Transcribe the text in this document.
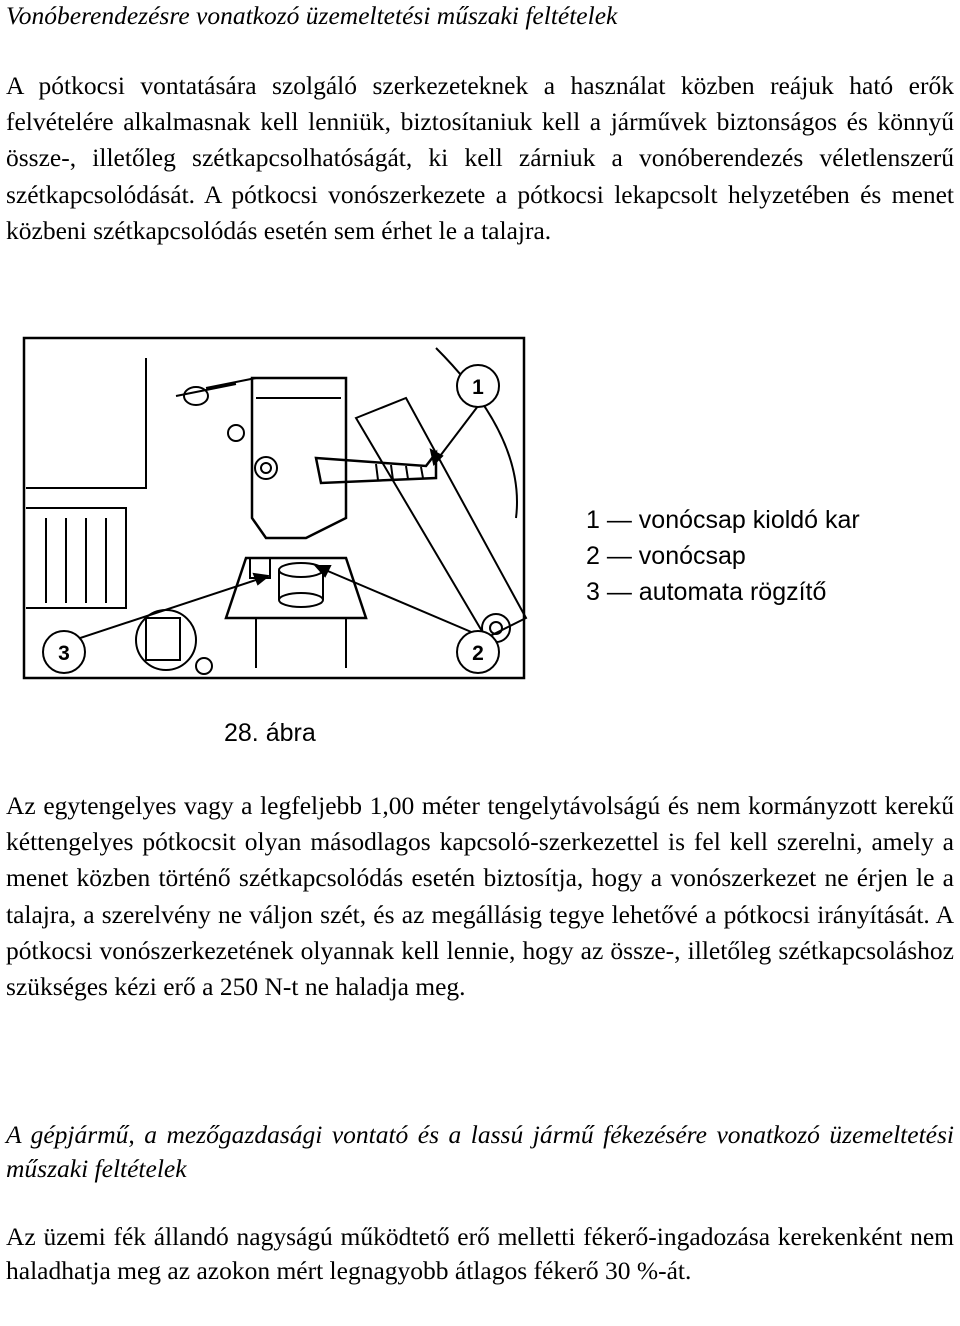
Vonóberendezésre vonatkozó üzemeltetési műszaki feltételek

A pótkocsi vontatására szolgáló szerkezeteknek a használat közben reájuk ható erők felvételére alkalmasnak kell lenniük, biztosítaniuk kell a járművek biztonságos és könnyű össze-, illetőleg szétkapcsolhatóságát, ki kell zárniuk a vonóberendezés véletlenszerű szétkapcsolódását. A pótkocsi vonószerkezete a pótkocsi lekapcsolt helyzetében és menet közbeni szétkapcsolódás esetén sem érhet le a talajra.

1
3	2
1 — vonócsap kioldó kar
2 — vonócsap
3 — automata rögzítő
28. ábra

Az egytengelyes vagy a legfeljebb 1,00 méter tengelytávolságú és nem kormányzott kerekű kéttengelyes pótkocsit olyan másodlagos kapcsoló-szerkezettel is fel kell szerelni, amely a menet közben történő szétkapcsolódás esetén biztosítja, hogy a vonószerkezet ne érjen le a talajra, a szerelvény ne váljon szét, és az megállásig tegye lehetővé a pótkocsi irányítását. A pótkocsi vonószerkezetének olyannak kell lennie, hogy az össze-, illetőleg szétkapcsoláshoz szükséges kézi erő a 250 N-t ne haladja meg.

A gépjármű, a mezőgazdasági vontató és a lassú jármű fékezésére vonatkozó üzemeltetési műszaki feltételek

Az üzemi fék állandó nagyságú működtető erő melletti fékerő-ingadozása kerekenként nem haladhatja meg az azokon mért legnagyobb átlagos fékerő 30 %-át.
